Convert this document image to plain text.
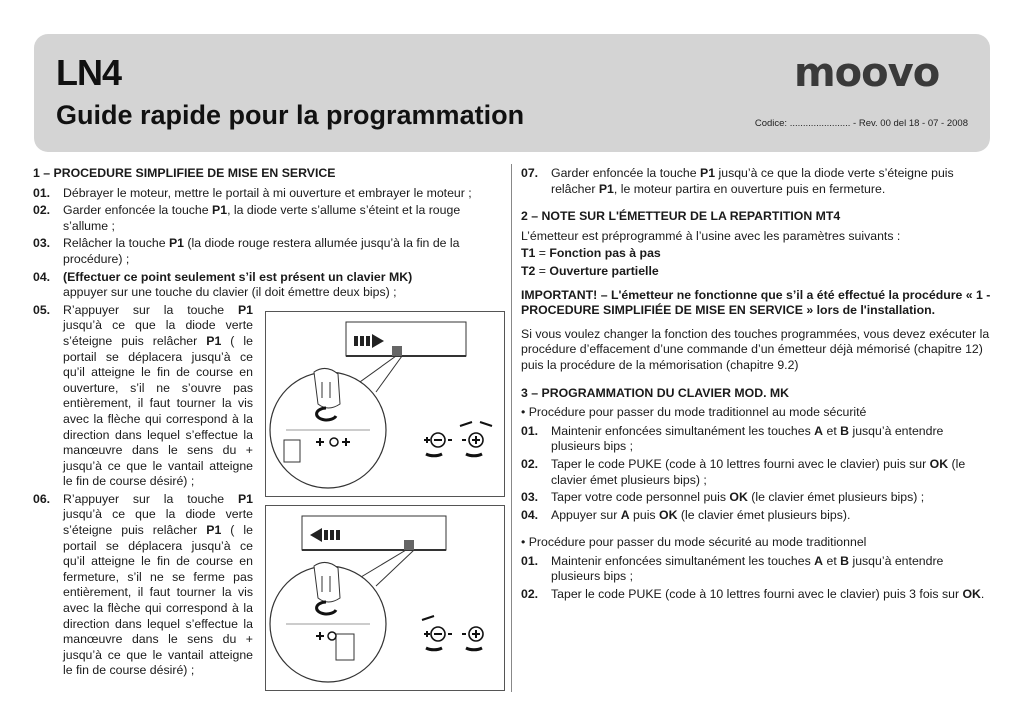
LN4
Guide rapide pour la programmation
moovo
Codice: ....................... - Rev. 00 del 18 - 07 - 2008
1 – PROCEDURE SIMPLIFIEE DE MISE EN SERVICE
01.	Débrayer le moteur, mettre le portail à mi ouverture et embrayer le moteur ;
02.	Garder enfoncée la touche P1, la diode verte s’allume s’éteint et la rouge s’allume ;
03.	Relâcher la touche P1 (la diode rouge restera allumée jusqu’à la fin de la procédure) ;
04.	(Effectuer ce point seulement s’il est présent un clavier MK)
appuyer sur une touche du clavier (il doit émettre deux bips) ;
05.	R’appuyer sur la touche P1 jusqu’à ce que la diode verte s’éteigne puis relâcher P1 ( le portail se déplacera jusqu’à ce qu’il atteigne le fin de course en ouverture, s’il ne s’ouvre pas entièrement, il faut tourner la vis avec la flèche qui correspond à la direction dans lequel s’effectue la manœuvre dans le sens du + jusqu’à ce que le vantail atteigne le fin de course désiré) ;
06.	R’appuyer sur la touche P1 jusqu’à ce que la diode verte s’éteigne puis relâcher P1 ( le portail se déplacera jusqu’à ce qu’il atteigne le fin de course en fermeture, s’il ne se ferme pas entièrement, il faut tourner la vis avec la flèche qui correspond à la direction dans lequel s’effectue la manœuvre dans le sens du + jusqu’à ce que le vantail atteigne le fin de course désiré) ;
07.	Garder enfoncée la touche P1 jusqu’à ce que la diode verte s’éteigne puis relâcher P1, le moteur partira en ouverture puis en fermeture.
2 – NOTE SUR L'ÉMETTEUR DE LA REPARTITION MT4
L’émetteur est préprogrammé à l’usine avec les paramètres suivants :
T1 = Fonction pas à pas
T2 = Ouverture partielle
IMPORTANT! – L'émetteur ne fonctionne que s’il a été effectué la procédure « 1 - PROCEDURE SIMPLIFIÉE DE MISE EN SERVICE » lors de l'installation.
Si vous voulez changer la fonction des touches programmées, vous devez exécuter la procédure d’effacement d’une commande d’un émetteur déjà mémorisé (chapitre 12) puis la procédure de la mémorisation (chapitre 9.2)
3 – PROGRAMMATION DU CLAVIER MOD. MK
• Procédure pour passer du mode traditionnel au mode sécurité
01.	Maintenir enfoncées simultanément les touches A et B jusqu’à entendre plusieurs bips ;
02.	Taper le code PUKE (code à 10 lettres fourni avec le clavier) puis sur OK (le clavier émet plusieurs bips) ;
03.	Taper votre code personnel puis OK (le clavier émet plusieurs bips) ;
04.	Appuyer sur A puis OK (le clavier émet plusieurs bips).
• Procédure pour passer du mode sécurité au mode traditionnel
01.	Maintenir enfoncées simultanément les touches A et B jusqu’à entendre plusieurs bips ;
02.	Taper le code PUKE (code à 10 lettres fourni avec le clavier) puis 3 fois sur OK.
